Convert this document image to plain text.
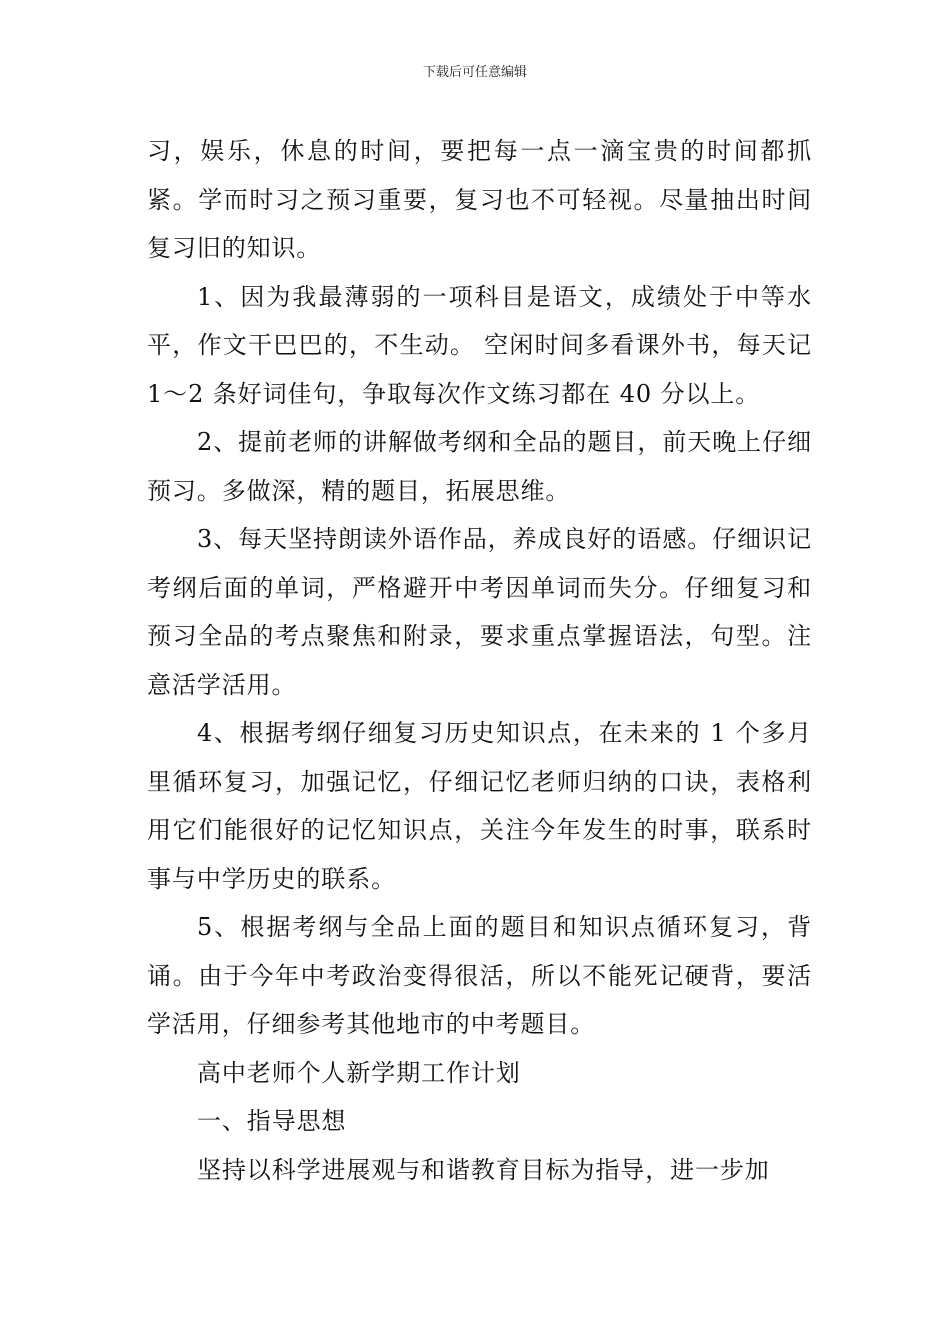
下载后可任意编辑

习，娱乐，休息的时间，要把每一点一滴宝贵的时间都抓紧。学而时习之预习重要，复习也不可轻视。尽量抽出时间复习旧的知识。

1、因为我最薄弱的一项科目是语文，成绩处于中等水平，作文干巴巴的，不生动。 空闲时间多看课外书，每天记 1～2 条好词佳句，争取每次作文练习都在 40 分以上。

2、提前老师的讲解做考纲和全品的题目，前天晚上仔细预习。多做深，精的题目，拓展思维。

3、每天坚持朗读外语作品，养成良好的语感。仔细识记考纲后面的单词，严格避开中考因单词而失分。仔细复习和预习全品的考点聚焦和附录，要求重点掌握语法，句型。注意活学活用。

4、根据考纲仔细复习历史知识点，在未来的 1 个多月里循环复习，加强记忆，仔细记忆老师归纳的口诀，表格利用它们能很好的记忆知识点，关注今年发生的时事，联系时事与中学历史的联系。

5、根据考纲与全品上面的题目和知识点循环复习，背诵。由于今年中考政治变得很活，所以不能死记硬背，要活学活用，仔细参考其他地市的中考题目。

高中老师个人新学期工作计划

一、指导思想

坚持以科学进展观与和谐教育目标为指导，进一步加
